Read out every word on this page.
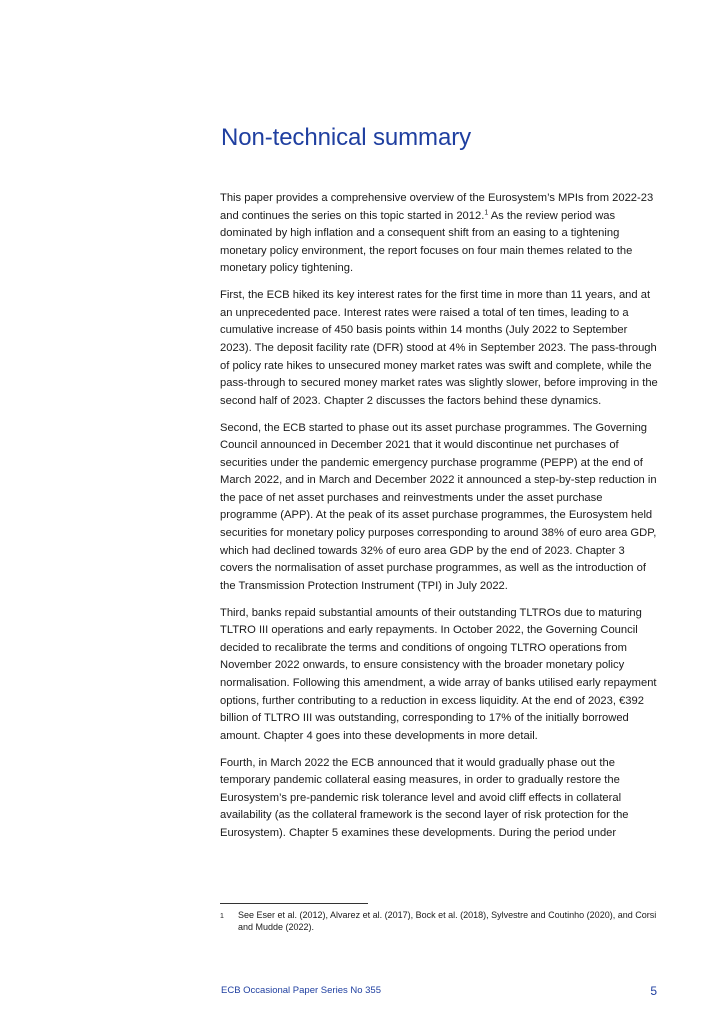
Non-technical summary

This paper provides a comprehensive overview of the Eurosystem’s MPIs from 2022-23 and continues the series on this topic started in 2012.$^1$ As the review period was dominated by high inflation and a consequent shift from an easing to a tightening monetary policy environment, the report focuses on four main themes related to the monetary policy tightening.

First, the ECB hiked its key interest rates for the first time in more than 11 years, and at an unprecedented pace. Interest rates were raised a total of ten times, leading to a cumulative increase of 450 basis points within 14 months (July 2022 to September 2023). The deposit facility rate (DFR) stood at 4% in September 2023. The pass-through of policy rate hikes to unsecured money market rates was swift and complete, while the pass-through to secured money market rates was slightly slower, before improving in the second half of 2023. Chapter 2 discusses the factors behind these dynamics.

Second, the ECB started to phase out its asset purchase programmes. The Governing Council announced in December 2021 that it would discontinue net purchases of securities under the pandemic emergency purchase programme (PEPP) at the end of March 2022, and in March and December 2022 it announced a step-by-step reduction in the pace of net asset purchases and reinvestments under the asset purchase programme (APP). At the peak of its asset purchase programmes, the Eurosystem held securities for monetary policy purposes corresponding to around 38% of euro area GDP, which had declined towards 32% of euro area GDP by the end of 2023. Chapter 3 covers the normalisation of asset purchase programmes, as well as the introduction of the Transmission Protection Instrument (TPI) in July 2022.

Third, banks repaid substantial amounts of their outstanding TLTROs due to maturing TLTRO III operations and early repayments. In October 2022, the Governing Council decided to recalibrate the terms and conditions of ongoing TLTRO operations from November 2022 onwards, to ensure consistency with the broader monetary policy normalisation. Following this amendment, a wide array of banks utilised early repayment options, further contributing to a reduction in excess liquidity. At the end of 2023, €392 billion of TLTRO III was outstanding, corresponding to 17% of the initially borrowed amount. Chapter 4 goes into these developments in more detail.

Fourth, in March 2022 the ECB announced that it would gradually phase out the temporary pandemic collateral easing measures, in order to gradually restore the Eurosystem’s pre-pandemic risk tolerance level and avoid cliff effects in collateral availability (as the collateral framework is the second layer of risk protection for the Eurosystem). Chapter 5 examines these developments. During the period under

1	See Eser et al. (2012), Alvarez et al. (2017), Bock et al. (2018), Sylvestre and Coutinho (2020), and Corsi and Mudde (2022).
ECB Occasional Paper Series No 355	5
